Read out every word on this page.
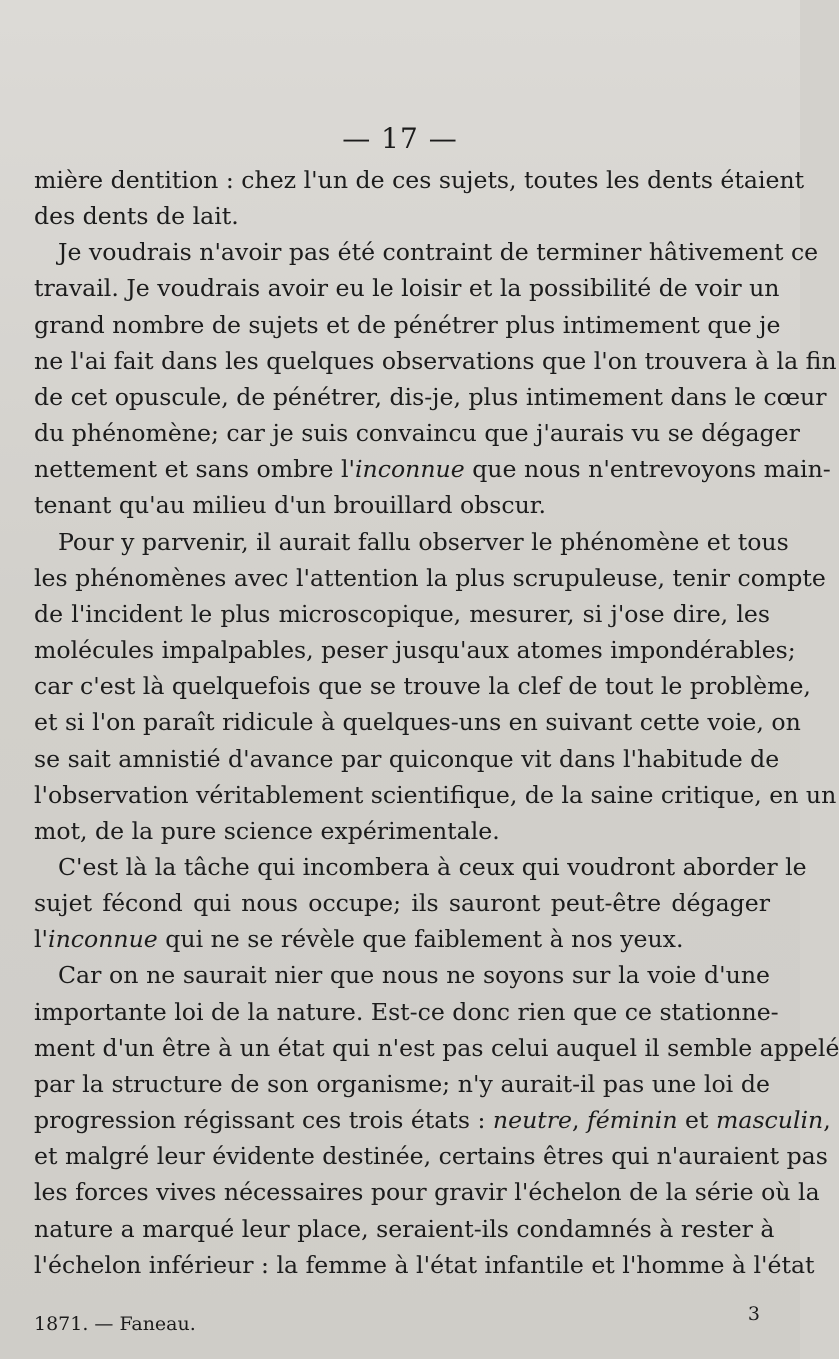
— 17 —
mière dentition : chez l'un de ces sujets, toutes les dents étaient
des dents de lait.
Je voudrais n'avoir pas été contraint de terminer hâtivement ce
travail. Je voudrais avoir eu le loisir et la possibilité de voir un
grand nombre de sujets et de pénétrer plus intimement que je
ne l'ai fait dans les quelques observations que l'on trouvera à la fin
de cet opuscule, de pénétrer, dis-je, plus intimement dans le cœur
du phénomène; car je suis convaincu que j'aurais vu se dégager
nettement et sans ombre l'inconnue que nous n'entrevoyons main-
tenant qu'au milieu d'un brouillard obscur.
Pour y parvenir, il aurait fallu observer le phénomène et tous
les phénomènes avec l'attention la plus scrupuleuse, tenir compte
de l'incident le plus microscopique, mesurer, si j'ose dire, les
molécules impalpables, peser jusqu'aux atomes impondérables;
car c'est là quelquefois que se trouve la clef de tout le problème,
et si l'on paraît ridicule à quelques-uns en suivant cette voie, on
se sait amnistié d'avance par quiconque vit dans l'habitude de
l'observation véritablement scientifique, de la saine critique, en un
mot, de la pure science expérimentale.
C'est là la tâche qui incombera à ceux qui voudront aborder le
sujet fécond qui nous occupe; ils sauront peut-être dégager
l'inconnue qui ne se révèle que faiblement à nos yeux.
Car on ne saurait nier que nous ne soyons sur la voie d'une
importante loi de la nature. Est-ce donc rien que ce stationne-
ment d'un être à un état qui n'est pas celui auquel il semble appelé
par la structure de son organisme; n'y aurait-il pas une loi de
progression régissant ces trois états : neutre, féminin et masculin,
et malgré leur évidente destinée, certains êtres qui n'auraient pas
les forces vives nécessaires pour gravir l'échelon de la série où la
nature a marqué leur place, seraient-ils condamnés à rester à
l'échelon inférieur : la femme à l'état infantile et l'homme à l'état
1871. — Faneau.	3
